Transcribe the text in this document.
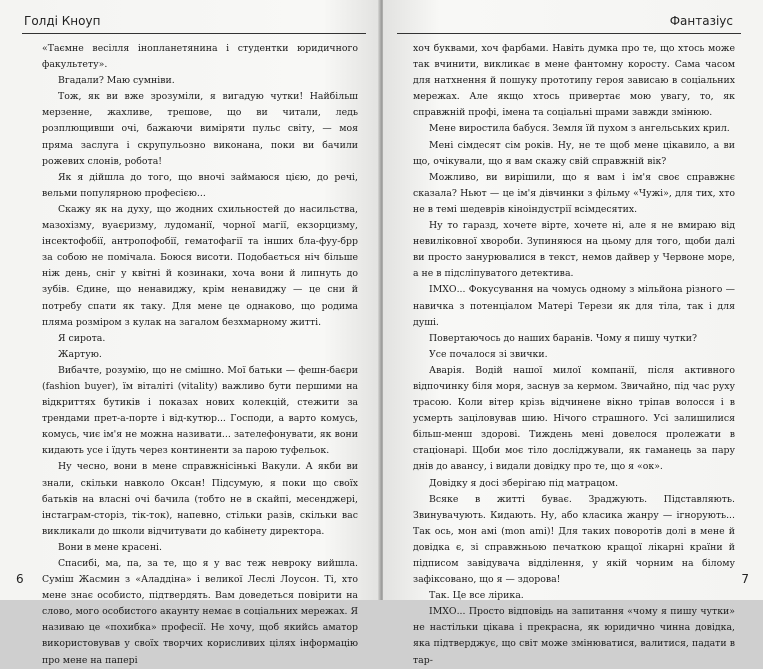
Голді Кноуп

«Таємне весілля інопланетянина і студентки юридичного факультету».

Вгадали? Маю сумніви.

Тож, як ви вже зрозуміли, я вигадую чутки! Найбільш мерзенне, жахливе, трешове, що ви читали, ледь розплющивши очі, бажаючи виміряти пульс світу, — моя прямa заслуга і скрупульозно виконана, поки ви бачили рожевих слонів, робота!

Як я дійшла до того, що вночі займаюся цією, до речі, вельми популярною професією...

Скажу як на духу, що жодних схильностей до насильства, мазохізму, вуаєризму, лудоманії, чорної магії, екзорцизму, інсектофобії, антропофобії, гематофагії та інших бла-фуу-брр за собою не помічала. Боюся висоти. Подобається ніч більше ніж день, сніг у квітні й козинаки, хоча вони й липнуть до зубів. Єдине, що ненавиджу, крім ненавиджу — це сни й потребу спати як таку. Для мене це однаково, що родима пляма розміром з кулак на загалом безхмарному житті.

Я сирота.

Жартую.

Вибачте, розумію, що не смішно. Мої батьки — фешн-баєри (fashion buyer), їм віталіті (vitality) важливо бути першими на відкриттях бутиків і показах нових колекцій, стежити за трендами прет-а-порте і від-кутюр... Господи, а варто комусь, комусь, чиє ім'я не можна називати... зателефонувати, як вони кидають усе і їдуть через континенти за парою туфельок.

Ну чесно, вони в мене справжнісінькі Вакули. А якби ви знали, скільки навколо Оксан! Підсумую, я поки що своїх батьків на власні очі бачила (тобто не в скайпі, месенджері, інстаграм-сторіз, тік-ток), напевно, стільки разів, скільки вас викликали до школи відчитувати до кабінету директора.

Вони в мене красені.

Спасибі, ма, па, за те, що я у вас теж невроку вийшла. Суміш Жасмин з «Аладдіна» і великої Леслі Лоусон. Ті, хто мене знає особисто, підтвердять. Вам доведеться повірити на слово, мого особистого акаунту немає в соціальних мережах. Я називаю це «похибка» професії. Не хочу, щоб якийсь аматор використовував у своїх творчих корисливих цілях інформацію про мене на папері

6
Фантазіус

хоч буквами, хоч фарбами. Навіть думка про те, що хтось може так вчинити, викликає в мене фантомну коросту. Сама часом для натхнення й пошуку прототипу героя зависаю в соціальних мережах. Але якщо хтось привертає мою увагу, то, як справжній профі, імена та соціальні шрами завжди змінюю.

Мене виростила бабуся. Земля їй пухом з ангельських крил.

Мені сімдесят сім років. Ну, не те щоб мене цікавило, а ви що, очікували, що я вам скажу свій справжній вік?

Можливо, ви вирішили, що я вам і ім'я своє справжнє сказала? Ньют — це ім'я дівчинки з фільму «Чужі», для тих, хто не в темі шедеврів кіноіндустрії всімдесятих.

Ну то гаразд, хочете вірте, хочете ні, але я не вмираю від невиліковної хвороби. Зупиняюся на цьому для того, щоби далі ви просто занурювалися в текст, немов дайвер у Червоне море, а не в підсліпуватого детектива.

ІМХО... Фокусування на чомусь одному з мільйона різного — навичка з потенціалом Матері Терези як для тіла, так і для душі.

Повертаючось до наших баранів. Чому я пишу чутки?

Усе почалося зі звички.

Аварія. Водій нашої милої компанії, після активного відпочинку біля моря, заснув за кермом. Звичайно, під час руху трасою. Коли вітер крізь відчинене вікно тріпав волосся і в усмерть заціловував шию. Нічого страшного. Усі залишилися більш-менш здорові. Тиждень мені довелося пролежати в стаціонарі. Щоби моє тіло досліджували, як гаманець за пару днів до авансу, і видали довідку про те, що я «ок».

Довідку я досі зберігаю під матрацом.

Всяке в житті буває. Зраджують. Підставляють. Звинувачують. Кидають. Ну, або класика жанру — ігнорують... Так ось, мон амі (mon ami)! Для таких поворотів долі в мене й довідка є, зі справжньою печаткою кращої лікарні країни й підписом завідувача відділення, у якій чорним на білому зафіксовано, що я — здорова!

Так. Це все лірика.

ІМХО... Просто відповідь на запитання «чому я пишу чутки» не настільки цікава і прекрасна, як юридично чинна довідка, яка підтверджує, що світ може змінюватися, валитися, падати в тар-

7
